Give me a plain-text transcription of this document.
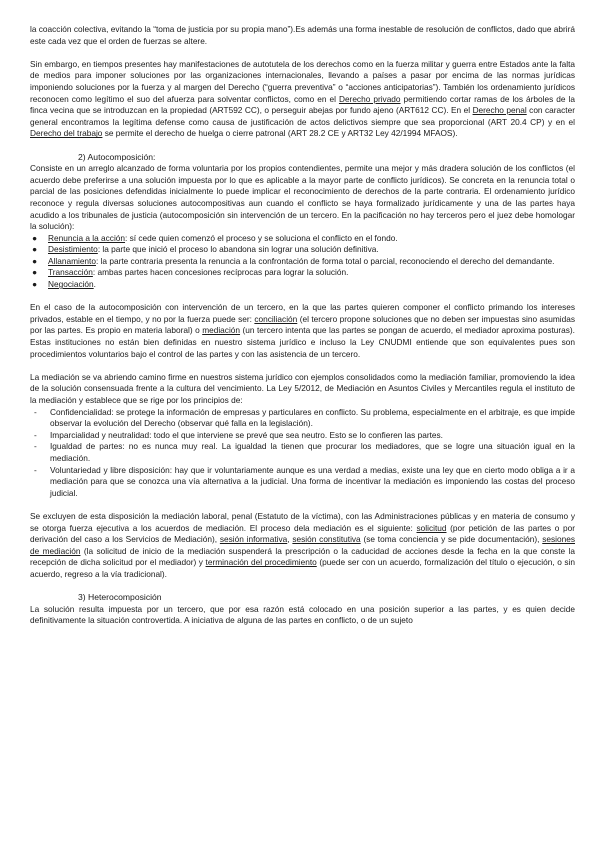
la coacción colectiva, evitando la “toma de justicia por su propia mano”).Es además una forma inestable de resolución de conflictos, dado que abrirá este cada vez que el orden de fuerzas se altere.

Sin embargo, en tiempos presentes hay manifestaciones de autotutela de los derechos como en la fuerza militar y guerra entre Estados ante la falta de medios para imponer soluciones por las organizaciones internacionales, llevando a países a pasar por encima de las normas jurídicas imponiendo soluciones por la fuerza y al margen del Derecho (“guerra preventiva” o “acciones anticipatorias”). También los ordenamiento jurídicos reconocen como legítimo el suo del afuerza para solventar conflictos, como en el Derecho privado permitiendo cortar ramas de los árboles de la finca vecina que se introduzcan en la propiedad (ART592 CC), o perseguir abejas por fundo ajeno (ART612 CC). En el Derecho penal con caracter general encontramos la legítima defense como causa de justificación de actos delictivos siempre que sea proporcional (ART 20.4 CP) y en el Derecho del trabajo se permite el derecho de huelga o cierre patronal (ART 28.2 CE y ART32 Ley 42/1994 MFAOS).

2) Autocomposición:

Consiste en un arreglo alcanzado de forma voluntaria por los propios contendientes, permite una mejor y más dradera solución de los conflictos (el acuerdo debe preferirse a una solución impuesta por lo que es aplicable a la mayor parte de conflicto jurídicos). Se concreta en la renuncia total o parcial de las posiciones defendidas inicialmente lo puede implicar el reconocimiento de derechos de la parte contraria. El ordenamiento jurídico reconoce y regula diversas soluciones autocompositivas aun cuando el conflicto se haya formalizado jurídicamente y una de las partes haya acudido a los tribunales de justicia (autocomposición sin intervención de un tercero. En la pacificación no hay terceros pero el juez debe homologar la solución):

● Renuncia a la acción: sí cede quien comenzó el proceso y se soluciona el conflicto en el fondo.
● Desistimiento: la parte que inició el proceso lo abandona sin lograr una solución definitiva.
● Allanamiento: la parte contraria presenta la renuncia a la confrontación de forma total o parcial, reconociendo el derecho del demandante.
● Transacción: ambas partes hacen concesiones recíprocas para lograr la solución.
● Negociación.

En el caso de la autocomposición con intervención de un tercero, en la que las partes quieren componer el conflicto primando los intereses privados, estable en el tiempo, y no por la fuerza puede ser: conciliación (el tercero propone soluciones que no deben ser impuestas sino asumidas por las partes. Es propio en materia laboral) o mediación (un tercero intenta que las partes se pongan de acuerdo, el mediador aproxima posturas). Estas instituciones no están bien definidas en nuestro sistema jurídico e incluso la Ley CNUDMI entiende que son equivalentes pues son procedimientos voluntarios bajo el control de las partes y con las asistencia de un tercero.

La mediación se va abriendo camino firme en nuestros sistema jurídico con ejemplos consolidados como la mediación familiar, promoviendo la idea de la solución consensuada frente a la cultura del vencimiento. La Ley 5/2012, de Mediación en Asuntos Civiles y Mercantiles regula el instituto de la mediación y establece que se rige por los principios de:

- Confidencialidad: se protege la información de empresas y particulares en conflicto. Su problema, especialmente en el arbitraje, es que impide observar la evolución del Derecho (observar qué falla en la legislación).
- Imparcialidad y neutralidad: todo el que interviene se prevé que sea neutro. Esto se lo confieren las partes.
- Igualdad de partes: no es nunca muy real. La igualdad la tienen que procurar los mediadores, que se logre una situación igual en la mediación.
- Voluntariedad y libre disposición: hay que ir voluntariamente aunque es una verdad a medias, existe una ley que en cierto modo obliga a ir a mediación para que se conozca una vía alternativa a la judicial. Una forma de incentivar la mediación es imponiendo las costas del proceso judicial.

Se excluyen de esta disposición la mediación laboral, penal (Estatuto de la víctima), con las Administraciones públicas y en materia de consumo y se otorga fuerza ejecutiva a los acuerdos de mediación. El proceso dela mediación es el siguiente: solicitud (por petición de las partes o por derivación del caso a los Servicios de Mediación), sesión informativa, sesión constitutiva (se toma conciencia y se pide documentación), sesiones de mediación (la solicitud de inicio de la mediación suspenderá la prescripción o la caducidad de acciones desde la fecha en la que conste la recepción de dicha solicitud por el mediador) y terminación del procedimiento (puede ser con un acuerdo, formalización del título o ejecución, o sin acuerdo, regreso a la vía tradicional).

3) Heterocomposición

La solución resulta impuesta por un tercero, que por esa razón está colocado en una posición superior a las partes, y es quien decide definitivamente la situación controvertida. A iniciativa de alguna de las partes en conflicto, o de un sujeto
